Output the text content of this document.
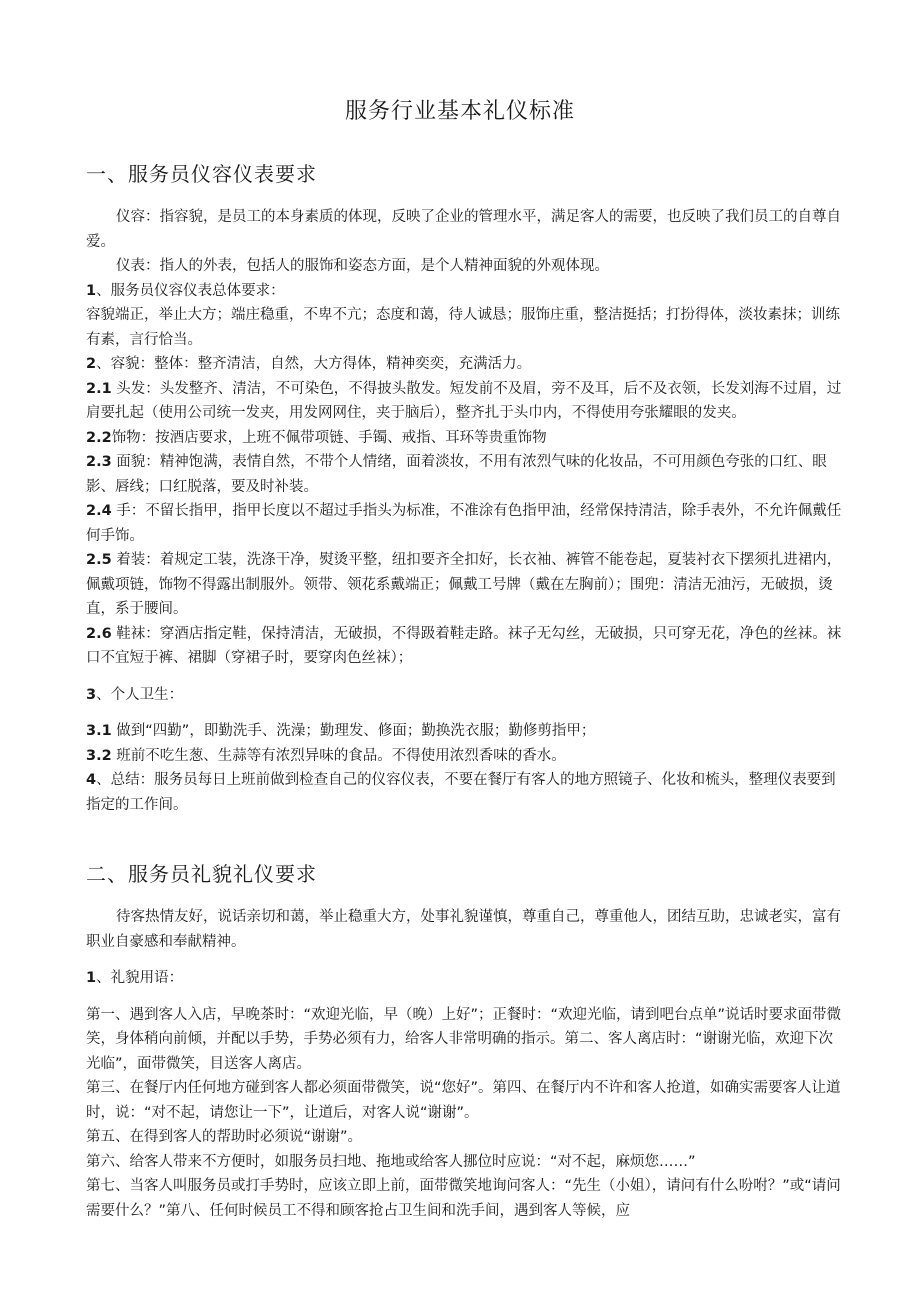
服务行业基本礼仪标准
一、服务员仪容仪表要求

仪容：指容貌，是员工的本身素质的体现，反映了企业的管理水平，满足客人的需要，也反映了我们员工的自尊自爱。

仪表：指人的外表，包括人的服饰和姿态方面，是个人精神面貌的外观体现。

1、服务员仪容仪表总体要求：

容貌端正，举止大方；端庄稳重，不卑不亢；态度和蔼，待人诚恳；服饰庄重，整洁挺括；打扮得体，淡妆素抹；训练有素，言行恰当。

2、容貌：整体：整齐清洁，自然，大方得体，精神奕奕，充满活力。

2.1 头发：头发整齐、清洁，不可染色，不得披头散发。短发前不及眉，旁不及耳，后不及衣领，长发刘海不过眉，过肩要扎起（使用公司统一发夹，用发网网住，夹于脑后），整齐扎于头巾内，不得使用夸张耀眼的发夹。

2.2饰物：按酒店要求，上班不佩带项链、手镯、戒指、耳环等贵重饰物

2.3 面貌：精神饱满，表情自然，不带个人情绪，面着淡妆，不用有浓烈气味的化妆品，不可用颜色夸张的口红、眼影、唇线；口红脱落，要及时补装。

2.4 手：不留长指甲，指甲长度以不超过手指头为标准，不准涂有色指甲油，经常保持清洁，除手表外，不允许佩戴任何手饰。

2.5 着装：着规定工装，洗涤干净，熨烫平整，纽扣要齐全扣好，长衣袖、裤管不能卷起，夏装衬衣下摆须扎进裙内，佩戴项链，饰物不得露出制服外。领带、领花系戴端正；佩戴工号牌（戴在左胸前）；围兜：清洁无油污，无破损，烫直，系于腰间。

2.6 鞋袜：穿酒店指定鞋，保持清洁，无破损，不得趿着鞋走路。袜子无勾丝，无破损，只可穿无花，净色的丝袜。袜口不宜短于裤、裙脚（穿裙子时，要穿肉色丝袜）；

3、个人卫生：

3.1 做到“四勤”，即勤洗手、洗澡；勤理发、修面；勤换洗衣服；勤修剪指甲；

3.2 班前不吃生葱、生蒜等有浓烈异味的食品。不得使用浓烈香味的香水。

4、总结：服务员每日上班前做到检查自己的仪容仪表，不要在餐厅有客人的地方照镜子、化妆和梳头，整理仪表要到指定的工作间。

二、服务员礼貌礼仪要求

待客热情友好，说话亲切和蔼，举止稳重大方，处事礼貌谨慎，尊重自己，尊重他人，团结互助，忠诚老实，富有职业自豪感和奉献精神。

1、礼貌用语：

第一、遇到客人入店，早晚茶时：“欢迎光临，早（晚）上好”；正餐时：“欢迎光临，请到吧台点单”说话时要求面带微笑，身体稍向前倾，并配以手势，手势必须有力，给客人非常明确的指示。第二、客人离店时：“谢谢光临，欢迎下次光临”，面带微笑，目送客人离店。

第三、在餐厅内任何地方碰到客人都必须面带微笑，说“您好”。第四、在餐厅内不许和客人抢道，如确实需要客人让道时，说：“对不起，请您让一下”，让道后，对客人说“谢谢”。

第五、在得到客人的帮助时必须说“谢谢”。

第六、给客人带来不方便时，如服务员扫地、拖地或给客人挪位时应说：“对不起，麻烦您……”

第七、当客人叫服务员或打手势时，应该立即上前，面带微笑地询问客人：“先生（小姐），请问有什么吩咐？”或“请问需要什么？”第八、任何时候员工不得和顾客抢占卫生间和洗手间，遇到客人等候，应
